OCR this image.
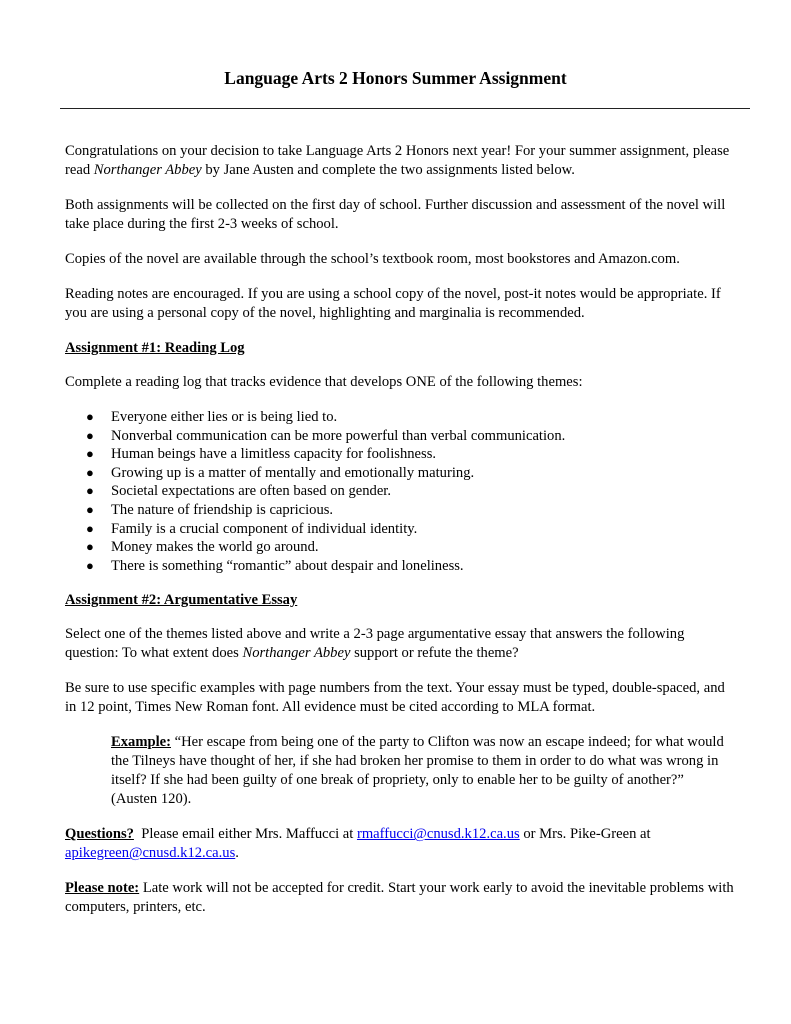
Language Arts 2 Honors Summer Assignment

Congratulations on your decision to take Language Arts 2 Honors next year! For your summer assignment, please read Northanger Abbey by Jane Austen and complete the two assignments listed below.

Both assignments will be collected on the first day of school. Further discussion and assessment of the novel will take place during the first 2-3 weeks of school.

Copies of the novel are available through the school’s textbook room, most bookstores and Amazon.com.

Reading notes are encouraged. If you are using a school copy of the novel, post-it notes would be appropriate. If you are using a personal copy of the novel, highlighting and marginalia is recommended.

Assignment #1: Reading Log

Complete a reading log that tracks evidence that develops ONE of the following themes:

● Everyone either lies or is being lied to.
● Nonverbal communication can be more powerful than verbal communication.
● Human beings have a limitless capacity for foolishness.
● Growing up is a matter of mentally and emotionally maturing.
● Societal expectations are often based on gender.
● The nature of friendship is capricious.
● Family is a crucial component of individual identity.
● Money makes the world go around.
● There is something “romantic” about despair and loneliness.

Assignment #2: Argumentative Essay

Select one of the themes listed above and write a 2-3 page argumentative essay that answers the following question: To what extent does Northanger Abbey support or refute the theme?

Be sure to use specific examples with page numbers from the text. Your essay must be typed, double-spaced, and in 12 point, Times New Roman font. All evidence must be cited according to MLA format.

Example: “Her escape from being one of the party to Clifton was now an escape indeed; for what would the Tilneys have thought of her, if she had broken her promise to them in order to do what was wrong in itself? If she had been guilty of one break of propriety, only to enable her to be guilty of another?” (Austen 120).

Questions?  Please email either Mrs. Maffucci at rmaffucci@cnusd.k12.ca.us or Mrs. Pike-Green at apikegreen@cnusd.k12.ca.us.

Please note: Late work will not be accepted for credit. Start your work early to avoid the inevitable problems with computers, printers, etc.
